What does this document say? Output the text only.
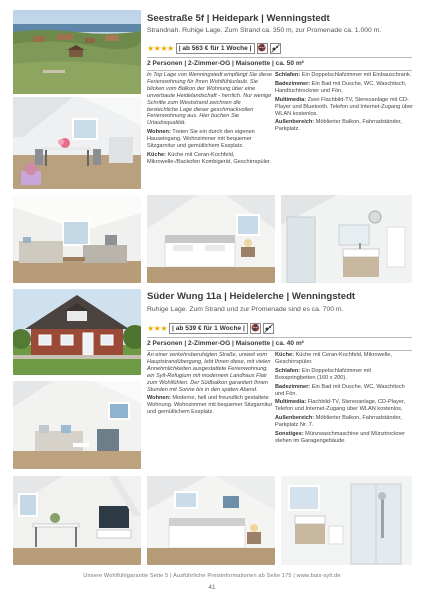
Seestraße 5f | Heidepark | Wenningstedt
Strandnah. Ruhige Lage. Zum Strand ca. 350 m, zur Promenade ca. 1.000 m.
★★★★ | ab 563 € für 1 Woche | 🚭
2 Personen | 2-Zimmer-OG | Maisonette | ca. 50 m²

In Top Lage von Wenningstedt empfängt Sie diese Ferienwohnung für Ihren Wohlfühlurlaub. Sie blicken vom Balkon der Wohnung über eine unverbaute Heidelandschaft - herrlich. Nur wenige Schritte zum Weststrand zeichnen die bestechliche Lage dieser geschmackvollen Ferienwohnung aus. Hier buchen Sie Urlaubsqualität.

Wohnen: Treten Sie ein durch den eigenen Hauseingang. Wohnzimmer mit bequemer Sitzgarnitur und gemütlichem Essplatz.

Küche: Küche mit Ceran-Kochfeld, Mikrowelle-/Backofen Kombigerät, Geschirrspüler.

Schlafen: Ein Doppelschlafzimmer mit Einbauschrank.

Badezimmer: Ein Bad mit Dusche, WC, Waschtisch, Handtuchtrockner und Fön.

Multimedia: Zwei Flachbild-TV, Stereoanlage mit CD-Player und Bluetooth. Telefon und Internet-Zugang über WLAN kostenlos.

Außenbereich: Möblierter Balkon, Fahrradständer, Parkplatz.

Süder Wung 11a | Heidelerche | Wenningstedt
Ruhige Lage. Zum Strand und zur Promenade sind es ca. 700 m.
★★★ | ab 539 € für 1 Woche | 🚭
2 Personen | 2-Zimmer-OG | Maisonette | ca. 40 m²

An einer verkehrsberuhigten Straße, unweit vom Hauptstrandübergang, lebt Ihnen diese, mit vielen Annehmlichkeiten ausgestattete Ferienwohnung, ein Sylt-Refugium mit modernem Landhaus Flair zum Wohlfühlen. Der Südbalkon garantiert Ihnen Stunden mit Sonne bis in den späten Abend.

Wohnen: Moderne, hell und freundlich gestaltete Wohnung. Wohnzimmer mit bequemer Sitzgarnitur und gemütlichem Essplatz.

Küche: Küche mit Ceran-Kochfeld, Mikrowelle, Geschirrspüler.

Schlafen: Ein Doppelschlafzimmer mit Boxspringbetten (160 x 200).

Badezimmer: Ein Bad mit Dusche, WC, Waschtisch und Fön.

Multimedia: Flachbild-TV, Stereoanlage, CD-Player, Telefon und Internet-Zugang über WLAN kostenlos.

Außenbereich: Möblierter Balkon, Fahrradständer, Parkplatz Nr. 7.

Sonstiges: Münzwaschmaschine und Münztrockner stehen im Garagengebäude.

Unsere Wohlfühlgarantie Seite 5 | Ausführliche Preisinformationen ab Seite 175 | www.bais-sylt.de
41
